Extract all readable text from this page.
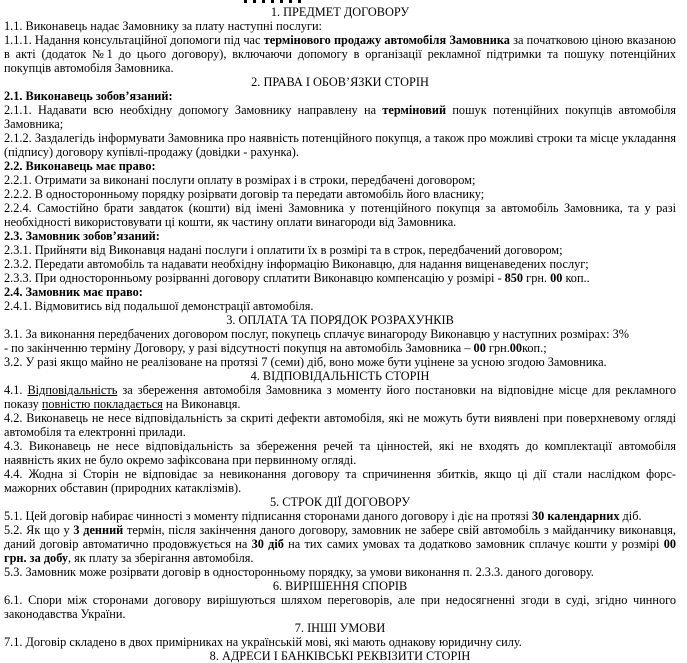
1. ПРЕДМЕТ ДОГОВОРУ
1.1. Виконавець надає Замовнику за плату наступні послуги:
1.1.1. Надання консультаційної допомоги під час термінового продажу автомобіля Замовника за початковою ціною вказаною в акті (додаток №1 до цього договору), включаючи допомогу в організації рекламної підтримки та пошуку потенційних покупців автомобіля Замовника.
2. ПРАВА І ОБОВ’ЯЗКИ СТОРІН
2.1. Виконавець зобов’язаний:
2.1.1. Надавати всю необхідну допомогу Замовнику направлену на терміновий пошук потенційних покупців автомобіля Замовника;
2.1.2. Заздалегідь інформувати Замовника про наявність потенційного покупця, а також про можливі строки та місце укладання (підпису) договору купівлі-продажу (довідки - рахунка).
2.2. Виконавець має право:
2.2.1. Отримати за виконані послуги оплату в розмірах і в строки, передбачені договором;
2.2.2. В односторонньому порядку розірвати договір та передати автомобіль його власнику;
2.2.4. Самостійно брати завдаток (кошти) від імені Замовника у потенційного покупця за автомобіль Замовника, та у разі необхідності використовувати ці кошти, як частину оплати винагороди від Замовника.
2.3. Замовник зобов’язаний:
2.3.1. Прийняти від Виконавця надані послуги і оплатити їх в розмірі та в строк, передбачений договором;
2.3.2. Передати автомобіль та надавати необхідну інформацію Виконавцю, для надання вищенаведених послуг;
2.3.3. При односторонньому розірванні договору сплатити Виконавцю компенсацію у розмірі - 850 грн. 00 коп..
2.4. Замовник має право:
2.4.1. Відмовитись від подальшої демонстрації автомобіля.
3. ОПЛАТА ТА ПОРЯДОК РОЗРАХУНКІВ
3.1. За виконання передбачених договором послуг, покупець сплачує винагороду Виконавцю у наступних розмірах: 3%
- по закінченню терміну Договору, у разі відсутності покупця на автомобіль Замовника – 00 грн.00коп.;
3.2. У разі якщо майно не реалізоване на протязі 7 (семи) діб, воно може бути уцінене за усною згодою Замовника.
4. ВІДПОВІДАЛЬНІСТЬ СТОРІН
4.1. Відповідальність за збереження автомобіля Замовника з моменту його постановки на відповідне місце для рекламного показу повністю покладається на Виконавця.
4.2. Виконавець не несе відповідальність за скриті дефекти автомобіля, які не можуть бути виявлені при поверхневому огляді автомобіля та електронні прилади.
4.3. Виконавець не несе відповідальність за збереження речей та цінностей, які не входять до комплектації автомобіля наявність яких не було окремо зафіксована при первинному огляді.
4.4. Жодна зі Сторін не відповідає за невиконання договору та спричинення збитків, якщо ці дії стали наслідком форс-мажорних обставин (природних катаклізмів).
5. СТРОК ДІЇ ДОГОВОРУ
5.1. Цей договір набирає чинності з моменту підписання сторонами даного договору і діє на протязі 30 календарних діб.
5.2. Як що у 3 денний термін, після закінчення даного договору, замовник не забере свій автомобіль з майданчику виконавця, даний договір автоматично продовжується на 30 діб на тих самих умовах та додатково замовник сплачує кошти у розмірі 00 грн. за добу, як плату за зберігання автомобіля.
5.3. Замовник може розірвати договір в односторонньому порядку, за умови виконання п. 2.3.3. даного договору.
6. ВИРІШЕННЯ СПОРІВ
6.1. Спори між сторонами договору вирішуються шляхом переговорів, але при недосягненні згоди в суді, згідно чинного законодавства України.
7. ІНШІ УМОВИ
7.1. Договір складено в двох примірниках на українській мові, які мають однакову юридичну силу.
8. АДРЕСИ І БАНКІВСЬКІ РЕКВІЗИТИ СТОРІН
